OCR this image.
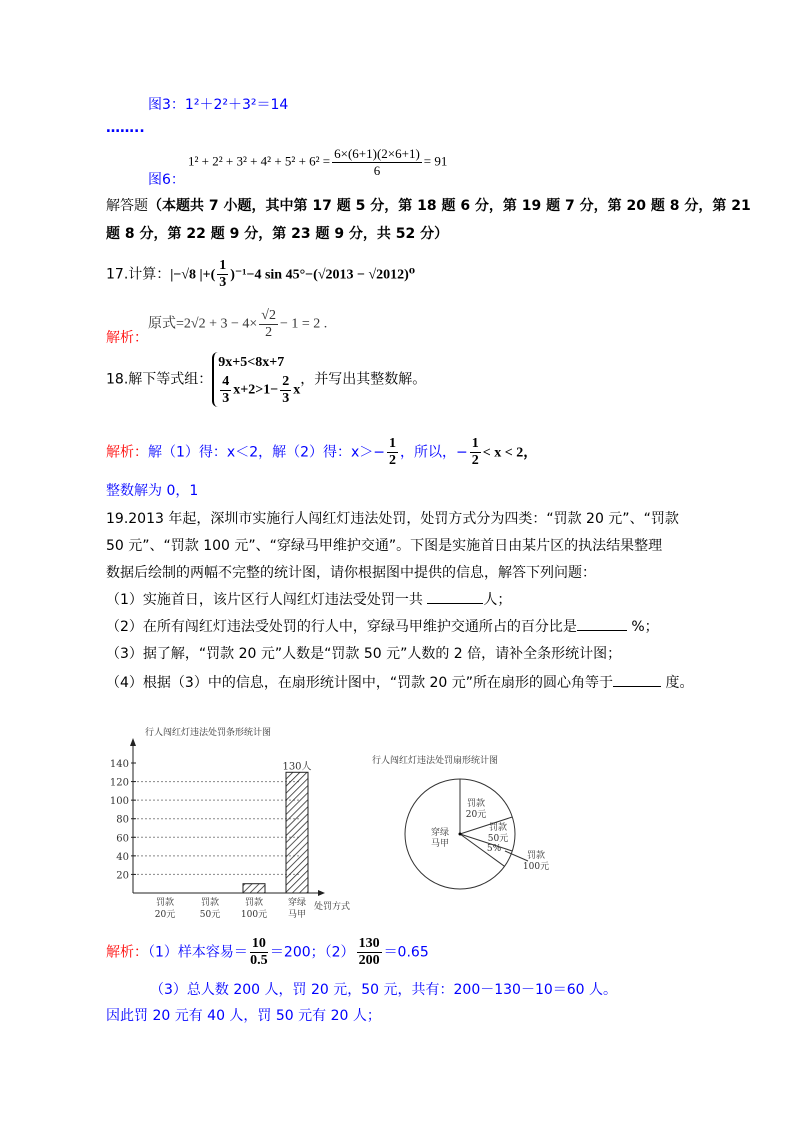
图3：1²＋2²＋3²＝14
……..
图6：
$1^2 + 2^2 + 3^2 + 4^2 + 5^2 + 6^2 = \frac{6\times(6+1)(2\times 6+1)}{6} = 91$
解答题（本题共 7 小题，其中第 17 题 5 分，第 18 题 6 分，第 19 题 7 分，第 20 题 8 分，第 21
题 8 分，第 22 题 9 分，第 23 题 9 分，共 52 分）
17.计算：|−√8 |+( $\frac{1}{3} )^{-1}-4$ sin 45°−(√2013 − √2012)⁰
原式$=2√2 + 3 - 4\times \frac{√2}{2} - 1 = 2$ .
解析：
18.解下等式组：
9x+5<8x+7
$\frac{4}{3} x+2>1- \frac{2}{3}$ x
，并写出其整数解。
解析：解（1）得：x＜2，解（2）得：$x>- \frac{1}{2}$ ，所以，− $\frac{1}{2} < x < 2$，
整数解为 0，1
19.2013 年起，深圳市实施行人闯红灯违法处罚，处罚方式分为四类：“罚款 20 元”、“罚款
50 元”、“罚款 100 元”、“穿绿马甲维护交通”。下图是实施首日由某片区的执法结果整理
数据后绘制的两幅不完整的统计图，请你根据图中提供的信息，解答下列问题：
（1）实施首日，该片区行人闯红灯违法受处罚一共	人；
（2）在所有闯红灯违法受处罚的行人中，穿绿马甲维护交通所占的百分比是	%；
（3）据了解，“罚款 20 元”人数是“罚款 50 元”人数的 2 倍，请补全条形统计图；
（4）根据（3）中的信息，在扇形统计图中，“罚款 20 元”所在扇形的圆心角等于	度。
行人闯红灯违法处罚条形统计图
处罚方式
20
40
60
80
100
120
140
罚款
20元
罚款
50元
罚款
100元
穿绿
马甲
130人
行人闯红灯违法处罚扇形统计图
罚款
20元
罚款
50元
5%
穿绿
马甲
罚款
100元
解析：（1）样本容易＝ $\frac{10}{0.5} =200$；$(2) \frac{130}{200} =0.65$
（3）总人数 200 人，罚 20 元，50 元，共有：200－130－10＝60 人。
因此罚 20 元有 40 人，罚 50 元有 20 人；
